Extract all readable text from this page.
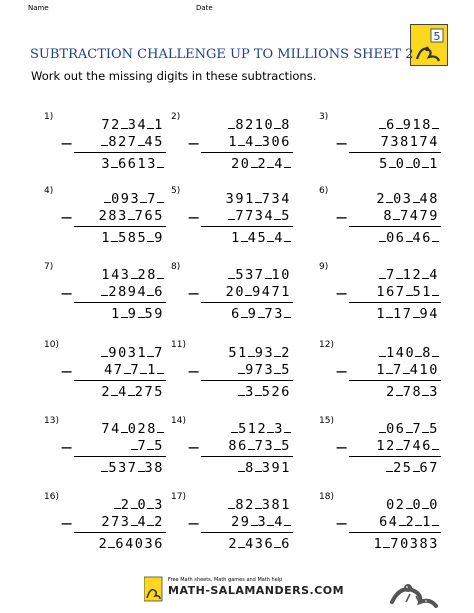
Name	Date
5
SUBTRACTION CHALLENGE UP TO MILLIONS SHEET 2
Work out the missing digits in these subtractions.
1)
−
72 34 1
827 45
3 6613
2)
−
8210 8
1 4 306
20 2 4
3)
−
6 918
738174
5 0 0 1
4)
−
093 7
283 765
1 585 9
5)
−
391 734
7734 5
1 45 4
6)
−
2 03 48
8 7479
06 46
7)
−
143 28
2894 6
1 9 59
8)
−
537 10
20 9471
6 9 73
9)
−
7 12 4
167 51
1 17 94
10)
−
9031 7
47 7 1
2 4 275
11)
−
51 93 2
973 5
3 526
12)
−
140 8
1 7 410
2 78 3
13)
−
74 028
7 5
537 38
14)
−
512 3
86 73 5
8 391
15)
−
06 7 5
12 746
25 67
16)
−
2 0 3
273 4 2
2 64036
17)
−
82 381
29 3 4
2 436 6
18)
−
02 0 0
64 2 1
1 70383
Free Math sheets, Math games and Math help
MATH-SALAMANDERS.COM
